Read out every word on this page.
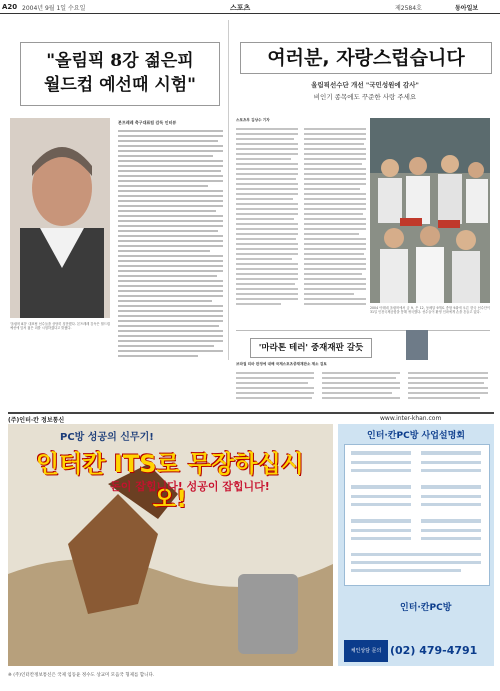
A20 2004년 9월 1일 수요일	스포츠	제2584호	동아일보
"올림픽 8강 젊은피
월드컵 예선때 시험"
'올림픽 8강' 대표팀 선수들을 상당히 칭찬했다. 본프레레 감독은 월드컵 예선에 앞서 젊은 피를 시험하겠다고 밝혔다.
본프레레 축구대표팀 감독 인터뷰
여러분, 자랑스럽습니다
올림픽선수단 개선 "국민성원에 감사"
비인기 종목에도 꾸준한 사랑 주세요
스포츠부 김상수 기자
2004 아테네 올림픽에서 금 9, 은 12, 동메달 9개로 종합 9위에 오른 한국 선수단이 31일 인천국제공항을 통해 귀국했다. 선수들이 환영 인파에게 손을 흔들고 있다.
'마라톤 테러' 중재재판 갈듯
브라질 리마 판정에 대해 국제스포츠중재재판소 제소 검토
(주)인터·칸 정보통신	www.inter-khan.com
PC방 성공의 신무기!
인터칸 ITS로 무장하십시오!
돈이 잡힙니다! 성공이 잡힙니다!
인터·칸PC방 사업설명회
인터·칸PC방
체인상담 문의 (02) 479-4791
※ (주)인터칸정보통신은 국제 임동윤 정수도 상교미 모음국 형제를 합니다.
